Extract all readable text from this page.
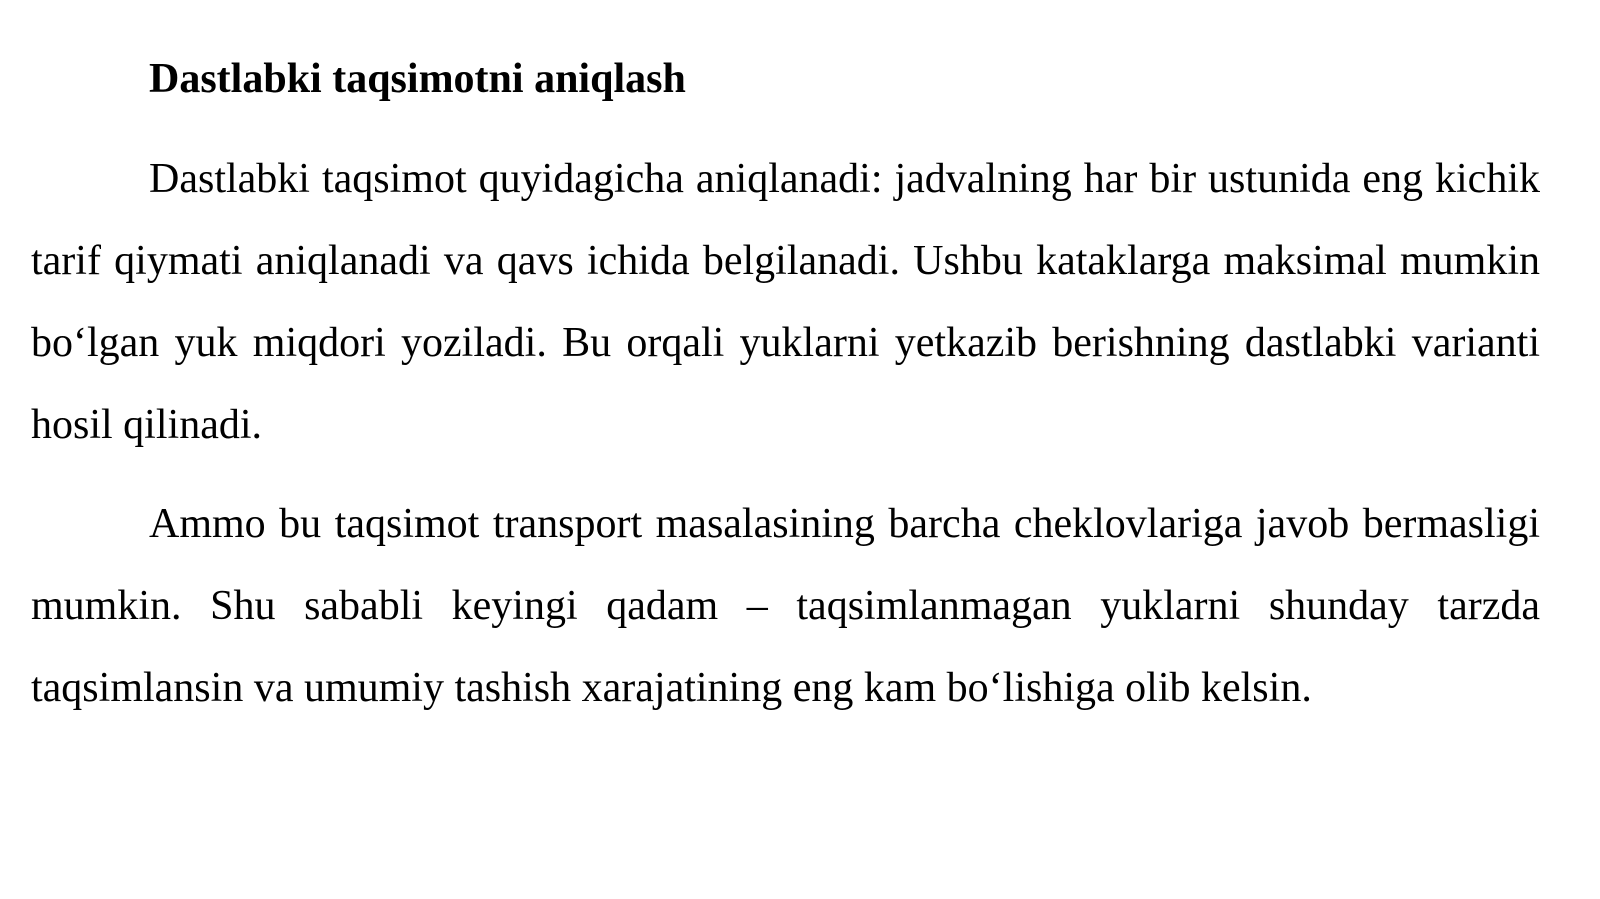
Dastlabki taqsimotni aniqlash

Dastlabki taqsimot quyidagicha aniqlanadi: jadvalning har bir ustunida eng kichik tarif qiymati aniqlanadi va qavs ichida belgilanadi. Ushbu kataklarga maksimal mumkin bo‘lgan yuk miqdori yoziladi. Bu orqali yuklarni yetkazib berishning dastlabki varianti hosil qilinadi.

Ammo bu taqsimot transport masalasining barcha cheklovlariga javob bermasligi mumkin. Shu sababli keyingi qadam – taqsimlanmagan yuklarni shunday tarzda taqsimlansin va umumiy tashish xarajatining eng kam bo‘lishiga olib kelsin.
